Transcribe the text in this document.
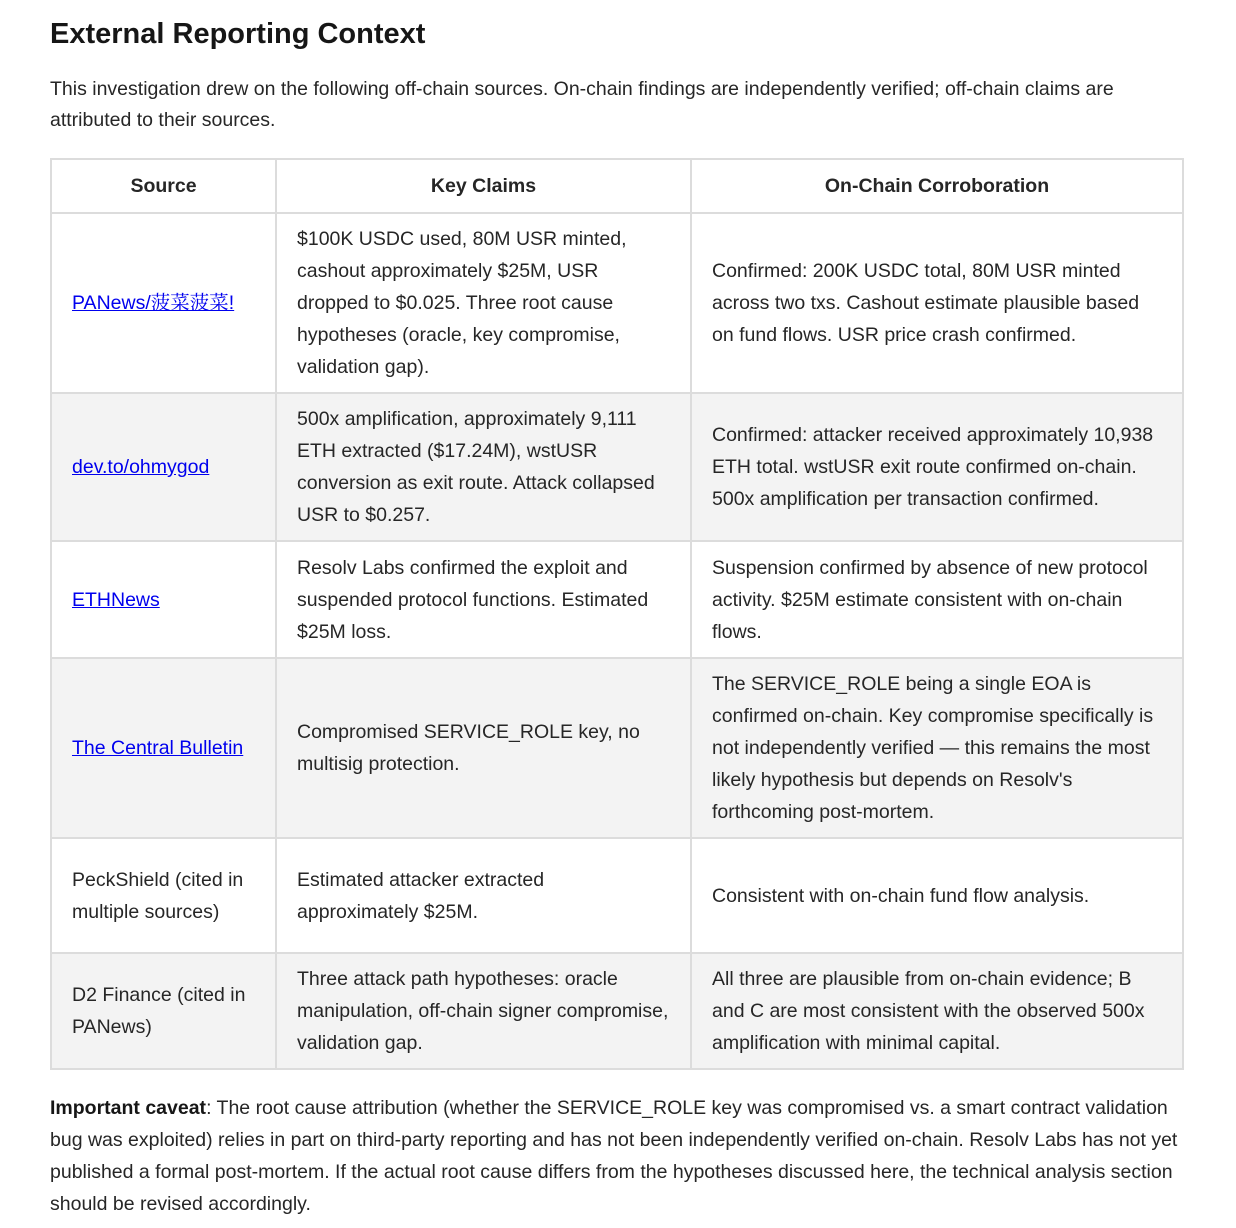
External Reporting Context

This investigation drew on the following off-chain sources. On-chain findings are independently verified; off-chain claims are attributed to their sources.

Source	Key Claims	On-Chain Corroboration
PANews/菠菜菠菜!	$100K USDC used, 80M USR minted, cashout approximately $25M, USR dropped to $0.025. Three root cause hypotheses (oracle, key compromise, validation gap).	Confirmed: 200K USDC total, 80M USR minted across two txs. Cashout estimate plausible based on fund flows. USR price crash confirmed.
dev.to/ohmygod	500x amplification, approximately 9,111 ETH extracted ($17.24M), wstUSR conversion as exit route. Attack collapsed USR to $0.257.	Confirmed: attacker received approximately 10,938 ETH total. wstUSR exit route confirmed on-chain. 500x amplification per transaction confirmed.
ETHNews	Resolv Labs confirmed the exploit and suspended protocol functions. Estimated $25M loss.	Suspension confirmed by absence of new protocol activity. $25M estimate consistent with on-chain flows.
The Central Bulletin	Compromised SERVICE_ROLE key, no multisig protection.	The SERVICE_ROLE being a single EOA is confirmed on-chain. Key compromise specifically is not independently verified — this remains the most likely hypothesis but depends on Resolv's forthcoming post-mortem.
PeckShield (cited in multiple sources)	Estimated attacker extracted approximately $25M.	Consistent with on-chain fund flow analysis.
D2 Finance (cited in PANews)	Three attack path hypotheses: oracle manipulation, off-chain signer compromise, validation gap.	All three are plausible from on-chain evidence; B and C are most consistent with the observed 500x amplification with minimal capital.

Important caveat: The root cause attribution (whether the SERVICE_ROLE key was compromised vs. a smart contract validation bug was exploited) relies in part on third-party reporting and has not been independently verified on-chain. Resolv Labs has not yet published a formal post-mortem. If the actual root cause differs from the hypotheses discussed here, the technical analysis section should be revised accordingly.
